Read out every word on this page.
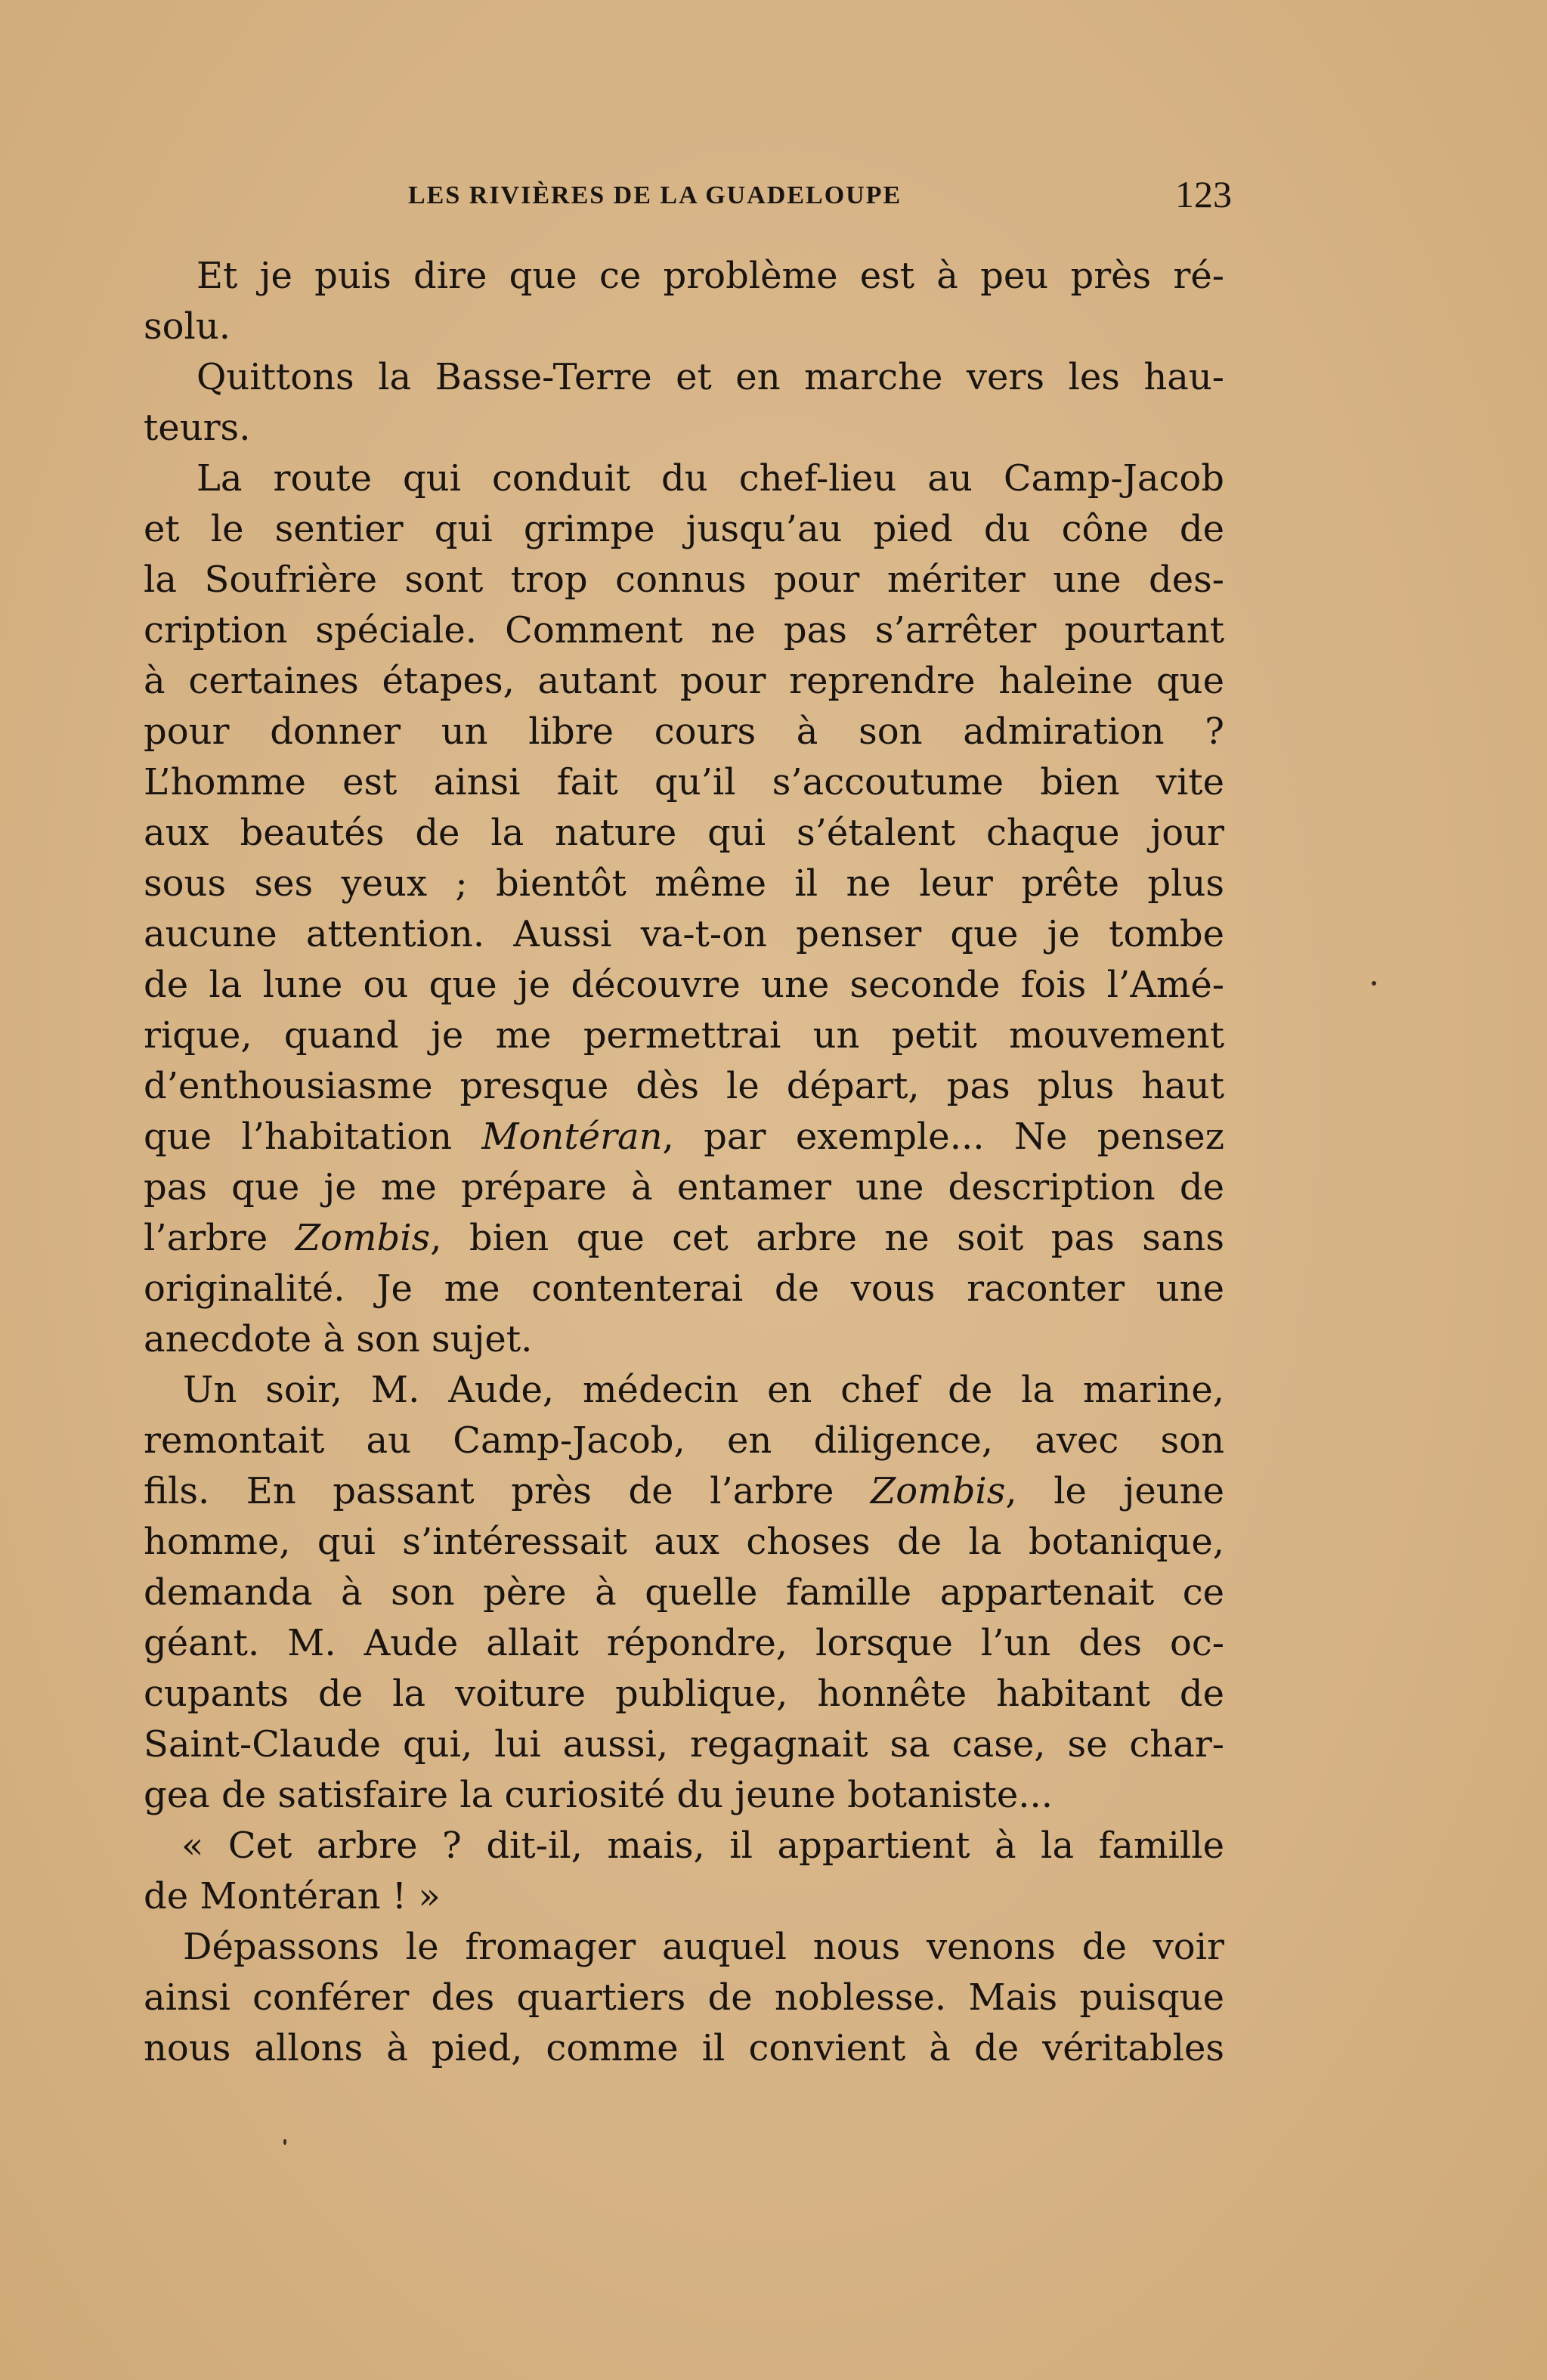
LES RIVIÈRES DE LA GUADELOUPE	123
Et je puis dire que ce problème est à peu près ré-
solu.
Quittons la Basse-Terre et en marche vers les hau-
teurs.
La route qui conduit du chef-lieu au Camp-Jacob
et le sentier qui grimpe jusqu’au pied du cône de
la Soufrière sont trop connus pour mériter une des-
cription spéciale. Comment ne pas s’arrêter pourtant
à certaines étapes, autant pour reprendre haleine que
pour donner un libre cours à son admiration ?
L’homme est ainsi fait qu’il s’accoutume bien vite
aux beautés de la nature qui s’étalent chaque jour
sous ses yeux ; bientôt même il ne leur prête plus
aucune attention. Aussi va-t-on penser que je tombe
de la lune ou que je découvre une seconde fois l’Amé-
rique, quand je me permettrai un petit mouvement
d’enthousiasme presque dès le départ, pas plus haut
que l’habitation Montéran, par exemple... Ne pensez
pas que je me prépare à entamer une description de
l’arbre Zombis, bien que cet arbre ne soit pas sans
originalité. Je me contenterai de vous raconter une
anecdote à son sujet.
Un soir, M. Aude, médecin en chef de la marine,
remontait au Camp-Jacob, en diligence, avec son
fils. En passant près de l’arbre Zombis, le jeune
homme, qui s’intéressait aux choses de la botanique,
demanda à son père à quelle famille appartenait ce
géant. M. Aude allait répondre, lorsque l’un des oc-
cupants de la voiture publique, honnête habitant de
Saint-Claude qui, lui aussi, regagnait sa case, se char-
gea de satisfaire la curiosité du jeune botaniste...
« Cet arbre ? dit-il, mais, il appartient à la famille
de Montéran ! »
Dépassons le fromager auquel nous venons de voir
ainsi conférer des quartiers de noblesse. Mais puisque
nous allons à pied, comme il convient à de véritables
